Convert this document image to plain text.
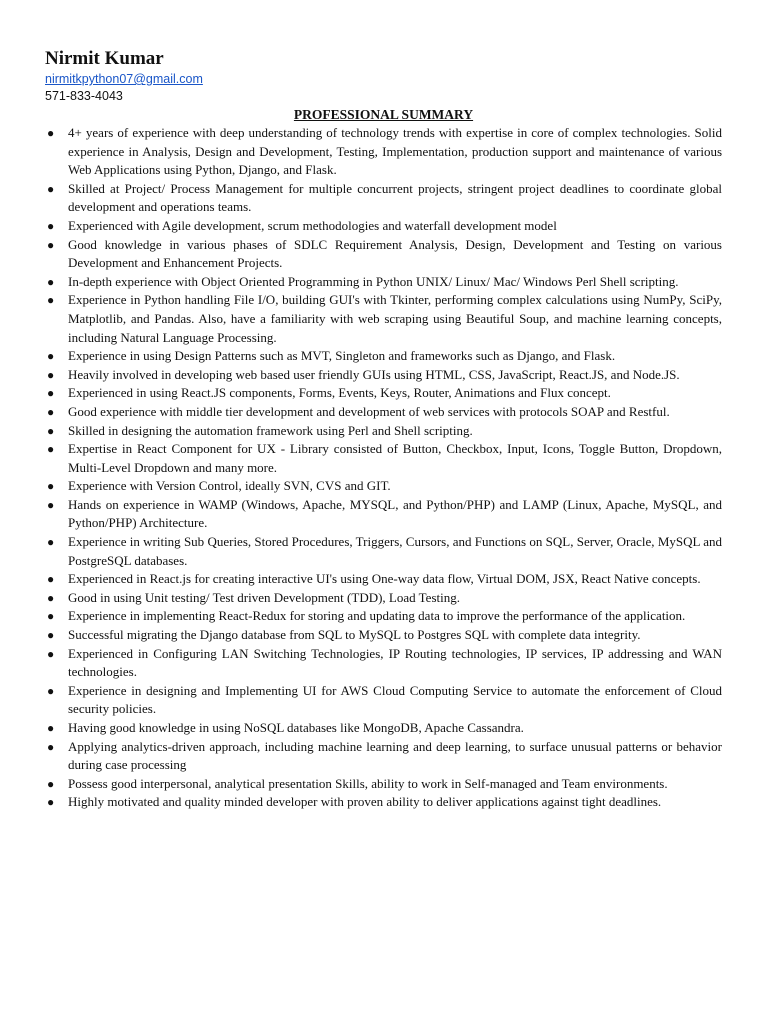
Nirmit Kumar
nirmitkpython07@gmail.com
571-833-4043
PROFESSIONAL SUMMARY
● 4+ years of experience with deep understanding of technology trends with expertise in core of complex technologies. Solid experience in Analysis, Design and Development, Testing, Implementation, production support and maintenance of various Web Applications using Python, Django, and Flask.
● Skilled at Project/ Process Management for multiple concurrent projects, stringent project deadlines to coordinate global development and operations teams.
● Experienced with Agile development, scrum methodologies and waterfall development model
● Good knowledge in various phases of SDLC Requirement Analysis, Design, Development and Testing on various Development and Enhancement Projects.
● In-depth experience with Object Oriented Programming in Python UNIX/ Linux/ Mac/ Windows Perl Shell scripting.
● Experience in Python handling File I/O, building GUI's with Tkinter, performing complex calculations using NumPy, SciPy, Matplotlib, and Pandas. Also, have a familiarity with web scraping using Beautiful Soup, and machine learning concepts, including Natural Language Processing.
● Experience in using Design Patterns such as MVT, Singleton and frameworks such as Django, and Flask.
● Heavily involved in developing web based user friendly GUIs using HTML, CSS, JavaScript, React.JS, and Node.JS.
● Experienced in using React.JS components, Forms, Events, Keys, Router, Animations and Flux concept.
● Good experience with middle tier development and development of web services with protocols SOAP and Restful.
● Skilled in designing the automation framework using Perl and Shell scripting.
● Expertise in React Component for UX - Library consisted of Button, Checkbox, Input, Icons, Toggle Button, Dropdown, Multi-Level Dropdown and many more.
● Experience with Version Control, ideally SVN, CVS and GIT.
● Hands on experience in WAMP (Windows, Apache, MYSQL, and Python/PHP) and LAMP (Linux, Apache, MySQL, and Python/PHP) Architecture.
● Experience in writing Sub Queries, Stored Procedures, Triggers, Cursors, and Functions on SQL, Server, Oracle, MySQL and PostgreSQL databases.
● Experienced in React.js for creating interactive UI's using One-way data flow, Virtual DOM, JSX, React Native concepts.
● Good in using Unit testing/ Test driven Development (TDD), Load Testing.
● Experience in implementing React-Redux for storing and updating data to improve the performance of the application.
● Successful migrating the Django database from SQL to MySQL to Postgres SQL with complete data integrity.
● Experienced in Configuring LAN Switching Technologies, IP Routing technologies, IP services, IP addressing and WAN technologies.
● Experience in designing and Implementing UI for AWS Cloud Computing Service to automate the enforcement of Cloud security policies.
● Having good knowledge in using NoSQL databases like MongoDB, Apache Cassandra.
● Applying analytics-driven approach, including machine learning and deep learning, to surface unusual patterns or behavior during case processing
● Possess good interpersonal, analytical presentation Skills, ability to work in Self-managed and Team environments.
● Highly motivated and quality minded developer with proven ability to deliver applications against tight deadlines.
